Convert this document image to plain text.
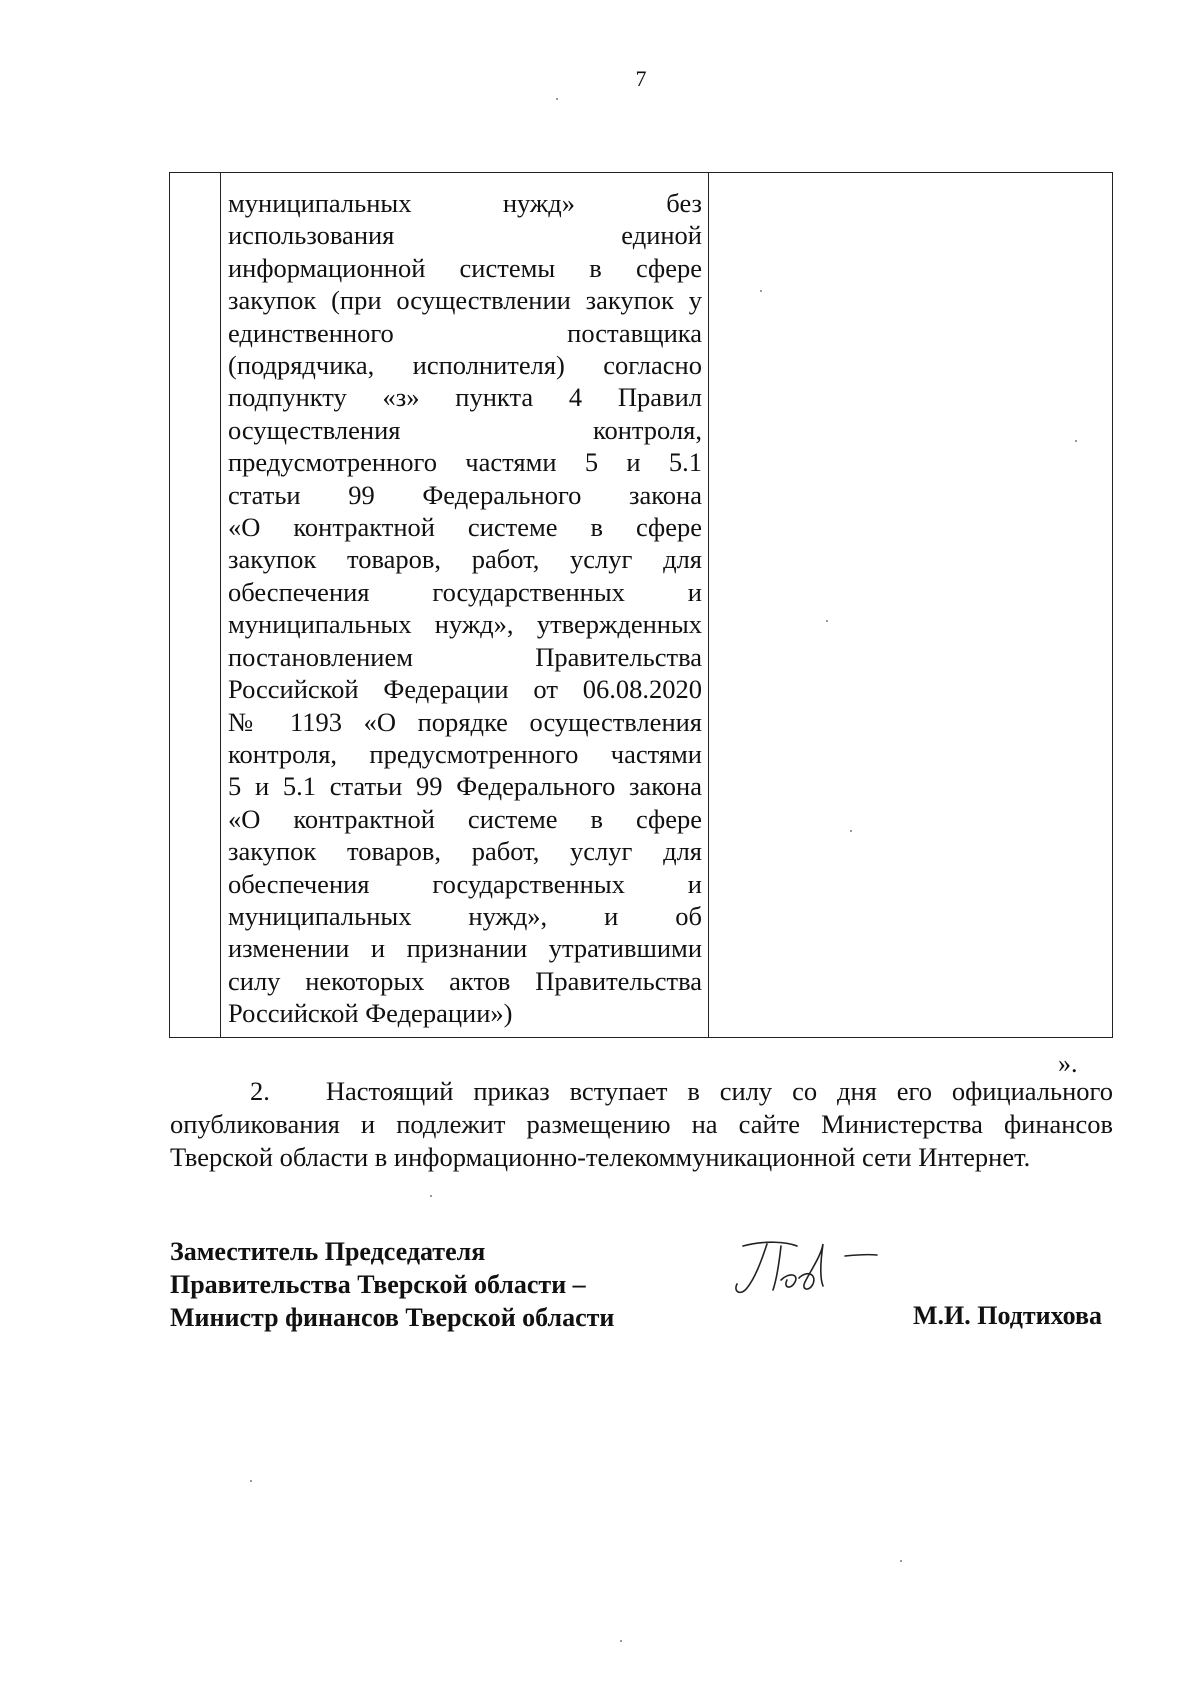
7

муниципальных нужд» без
использования единой
информационной системы в сфере
закупок (при осуществлении закупок у
единственного поставщика
(подрядчика, исполнителя) согласно
подпункту «з» пункта 4 Правил
осуществления контроля,
предусмотренного частями 5 и 5.1
статьи 99 Федерального закона
«О контрактной системе в сфере
закупок товаров, работ, услуг для
обеспечения государственных и
муниципальных нужд», утвержденных
постановлением Правительства
Российской Федерации от 06.08.2020
№ 1193 «О порядке осуществления
контроля, предусмотренного частями
5 и 5.1 статьи 99 Федерального закона
«О контрактной системе в сфере
закупок товаров, работ, услуг для
обеспечения государственных и
муниципальных нужд», и об
изменении и признании утратившими
силу некоторых актов Правительства
Российской Федерации»)

».
2. Настоящий приказ вступает в силу со дня его официального
опубликования и подлежит размещению на сайте Министерства финансов
Тверской области в информационно-телекоммуникационной сети Интернет.
Заместитель Председателя
Правительства Тверской области –
Министр финансов Тверской области	М.И. Подтихова
